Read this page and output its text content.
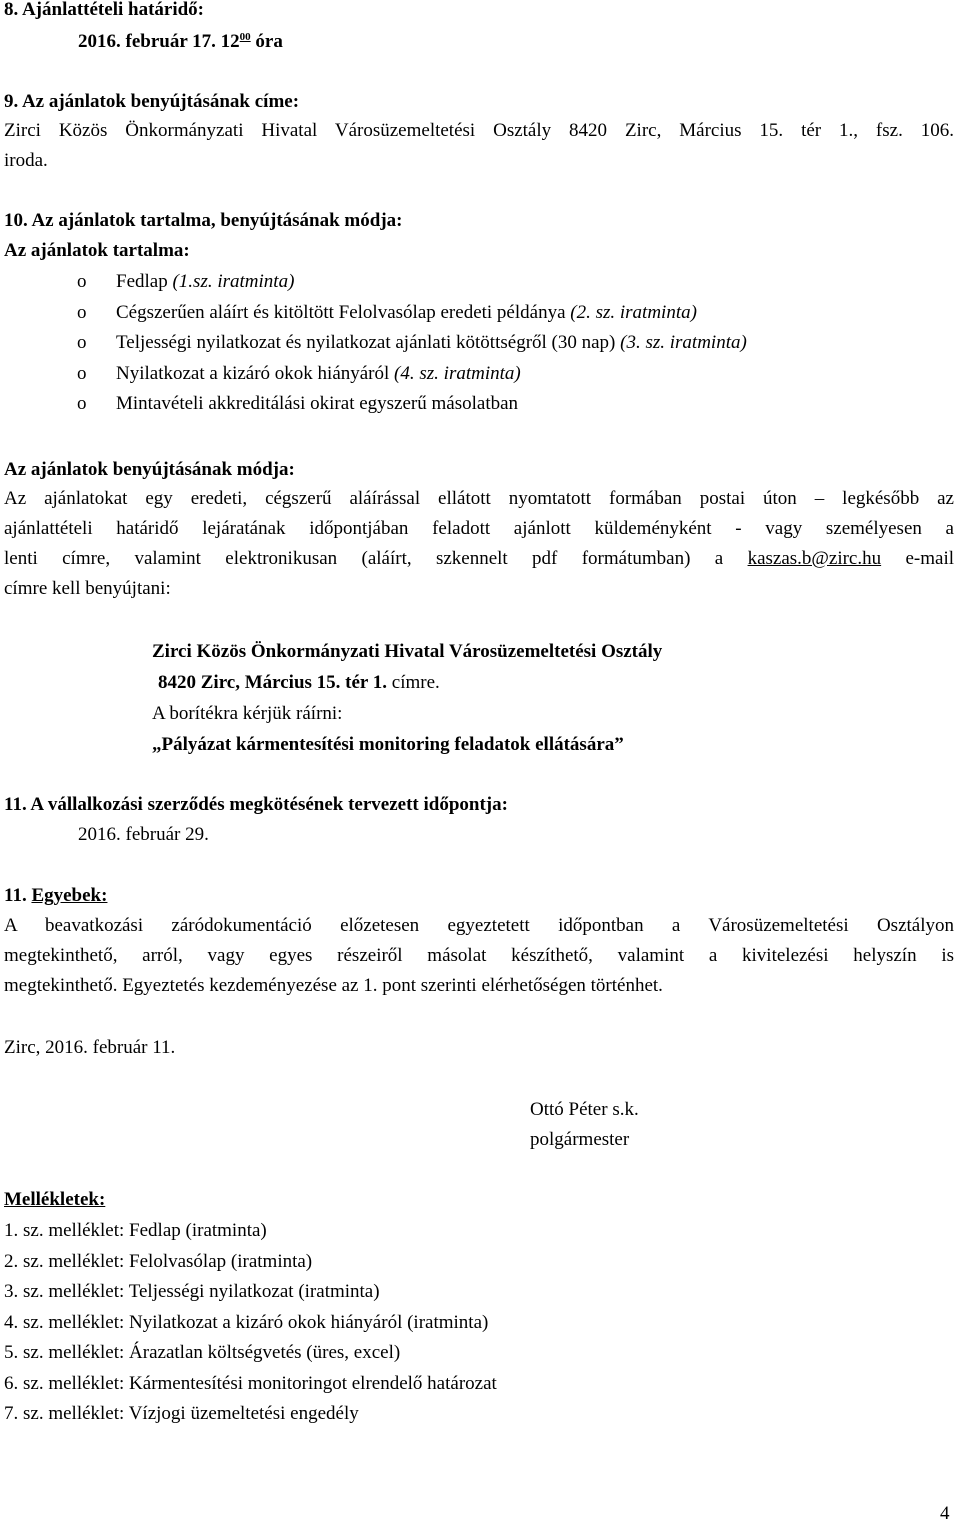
8. Ajánlattételi határidő:
2016. február 17. $12^{00}$ óra
9. Az ajánlatok benyújtásának címe:
Zirci Közös Önkormányzati Hivatal Városüzemeltetési Osztály 8420 Zirc, Március 15. tér 1., fsz. 106.
iroda.
10. Az ajánlatok tartalma, benyújtásának módja:
Az ajánlatok tartalma:
o Fedlap (1.sz. iratminta)
o Cégszerűen aláírt és kitöltött Felolvasólap eredeti példánya (2. sz. iratminta)
o Teljességi nyilatkozat és nyilatkozat ajánlati kötöttségről (30 nap) (3. sz. iratminta)
o Nyilatkozat a kizáró okok hiányáról (4. sz. iratminta)
o Mintavételi akkreditálási okirat egyszerű másolatban
Az ajánlatok benyújtásának módja:
Az ajánlatokat egy eredeti, cégszerű aláírással ellátott nyomtatott formában postai úton – legkésőbb az
ajánlattételi határidő lejáratának időpontjában feladott ajánlott küldeményként - vagy személyesen a
lenti címre, valamint elektronikusan (aláírt, szkennelt pdf formátumban) a kaszas.b@zirc.hu e-mail
címre kell benyújtani:
Zirci Közös Önkormányzati Hivatal Városüzemeltetési Osztály
8420 Zirc, Március 15. tér 1. címre.
A borítékra kérjük ráírni:
„Pályázat kármentesítési monitoring feladatok ellátására”
11. A vállalkozási szerződés megkötésének tervezett időpontja:
2016. február 29.
11. Egyebek:
A beavatkozási záródokumentáció előzetesen egyeztetett időpontban a Városüzemeltetési Osztályon
megtekinthető, arról, vagy egyes részeiről másolat készíthető, valamint a kivitelezési helyszín is
megtekinthető. Egyeztetés kezdeményezése az 1. pont szerinti elérhetőségen történhet.
Zirc, 2016. február 11.
Ottó Péter s.k.
polgármester
Mellékletek:
1. sz. melléklet: Fedlap (iratminta)
2. sz. melléklet: Felolvasólap (iratminta)
3. sz. melléklet: Teljességi nyilatkozat (iratminta)
4. sz. melléklet: Nyilatkozat a kizáró okok hiányáról (iratminta)
5. sz. melléklet: Árazatlan költségvetés (üres, excel)
6. sz. melléklet: Kármentesítési monitoringot elrendelő határozat
7. sz. melléklet: Vízjogi üzemeltetési engedély
4
